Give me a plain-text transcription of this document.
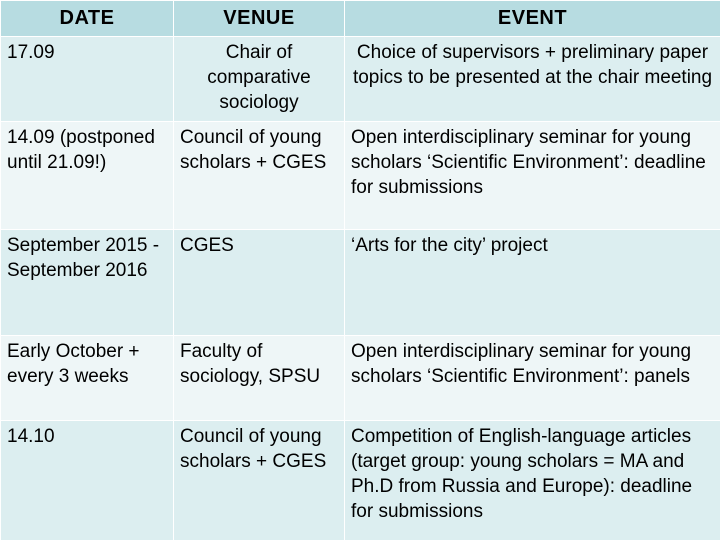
DATE	VENUE	EVENT
17.09	Chair of comparative sociology	Choice of supervisors + preliminary paper topics to be presented at the chair meeting
14.09 (postponed until 21.09!)	Council of young scholars + CGES	Open interdisciplinary seminar for young scholars ‘Scientific Environment’: deadline for submissions
September 2015 -September 2016	CGES	‘Arts for the city’ project
Early October + every 3 weeks	Faculty of sociology, SPSU	Open interdisciplinary seminar for young scholars ‘Scientific Environment’: panels
14.10	Council of young scholars + CGES	Competition of English-language articles (target group: young scholars = MA and Ph.D from Russia and Europe): deadline for submissions
